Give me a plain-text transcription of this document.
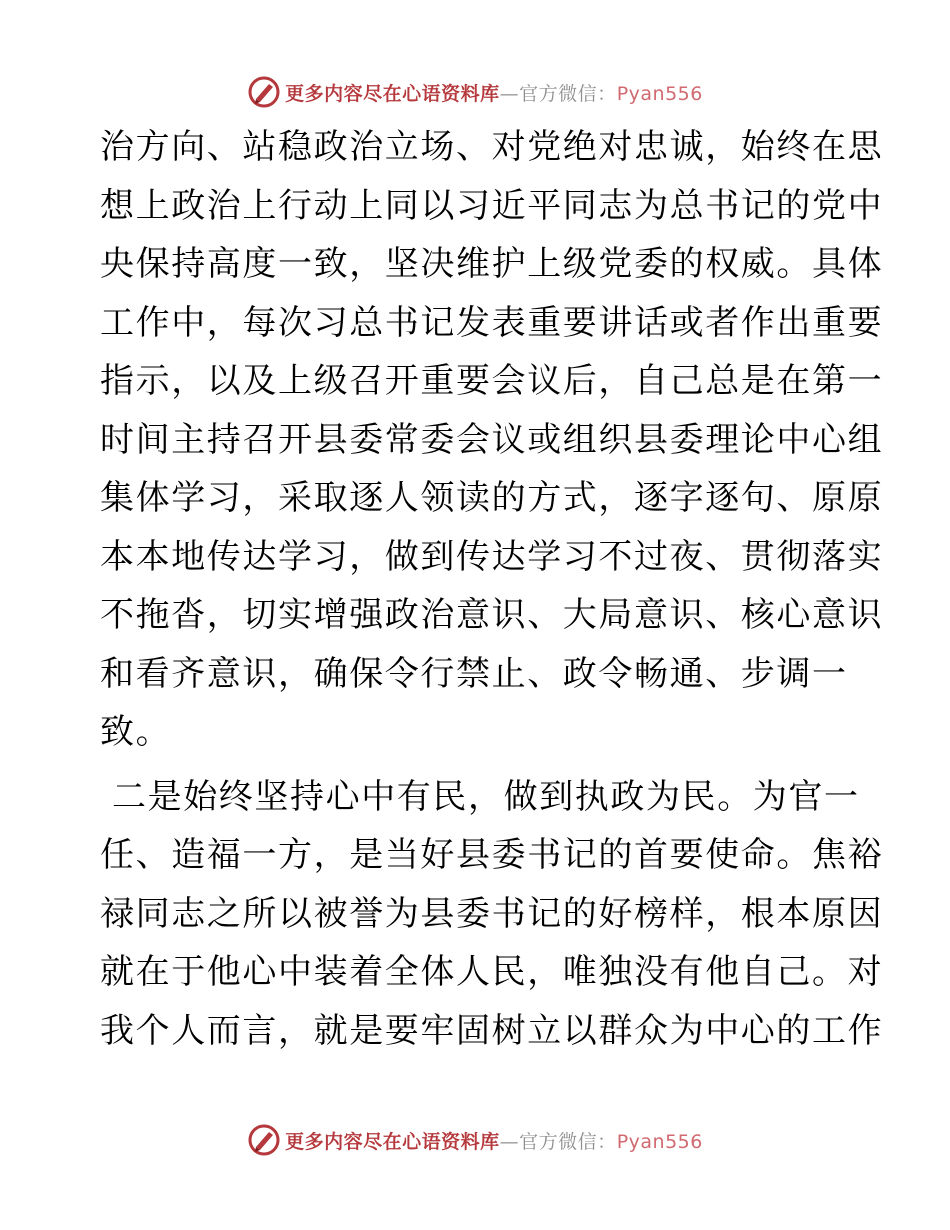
更多内容尽在心语资料库—官方微信：Pyan556
治方向、站稳政治立场、对党绝对忠诚，始终在思
想上政治上行动上同以习近平同志为总书记的党中
央保持高度一致，坚决维护上级党委的权威。具体
工作中，每次习总书记发表重要讲话或者作出重要
指示，以及上级召开重要会议后，自己总是在第一
时间主持召开县委常委会议或组织县委理论中心组
集体学习，采取逐人领读的方式，逐字逐句、原原
本本地传达学习，做到传达学习不过夜、贯彻落实
不拖沓，切实增强政治意识、大局意识、核心意识
和看齐意识，确保令行禁止、政令畅通、步调一
致。
二是始终坚持心中有民，做到执政为民。为官一
任、造福一方，是当好县委书记的首要使命。焦裕
禄同志之所以被誉为县委书记的好榜样，根本原因
就在于他心中装着全体人民，唯独没有他自己。对
我个人而言，就是要牢固树立以群众为中心的工作
更多内容尽在心语资料库—官方微信：Pyan556
